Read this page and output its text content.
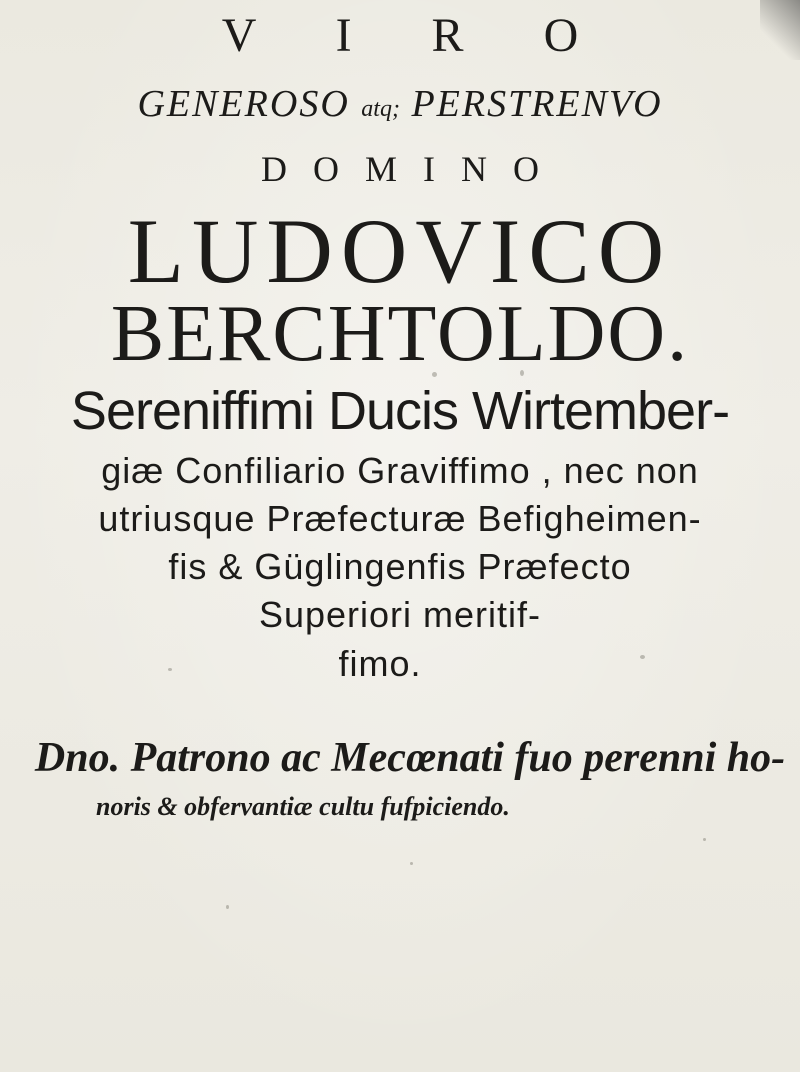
V I R O
GENEROSO atq; PERSTRENVO
DOMINO
LUDOVICO
BERCHTOLDO.
Sereniffimi Ducis Wirtember-
giæ Confiliario Graviffimo , nec non
utriusque Præfecturæ Befigheimen-
fis & Güglingenfis Præfecto
Superiori meritif-
fimo.
Dno. Patrono ac Mecœnati fuo perenni ho-
noris & obfervantiæ cultu fufpiciendo.
